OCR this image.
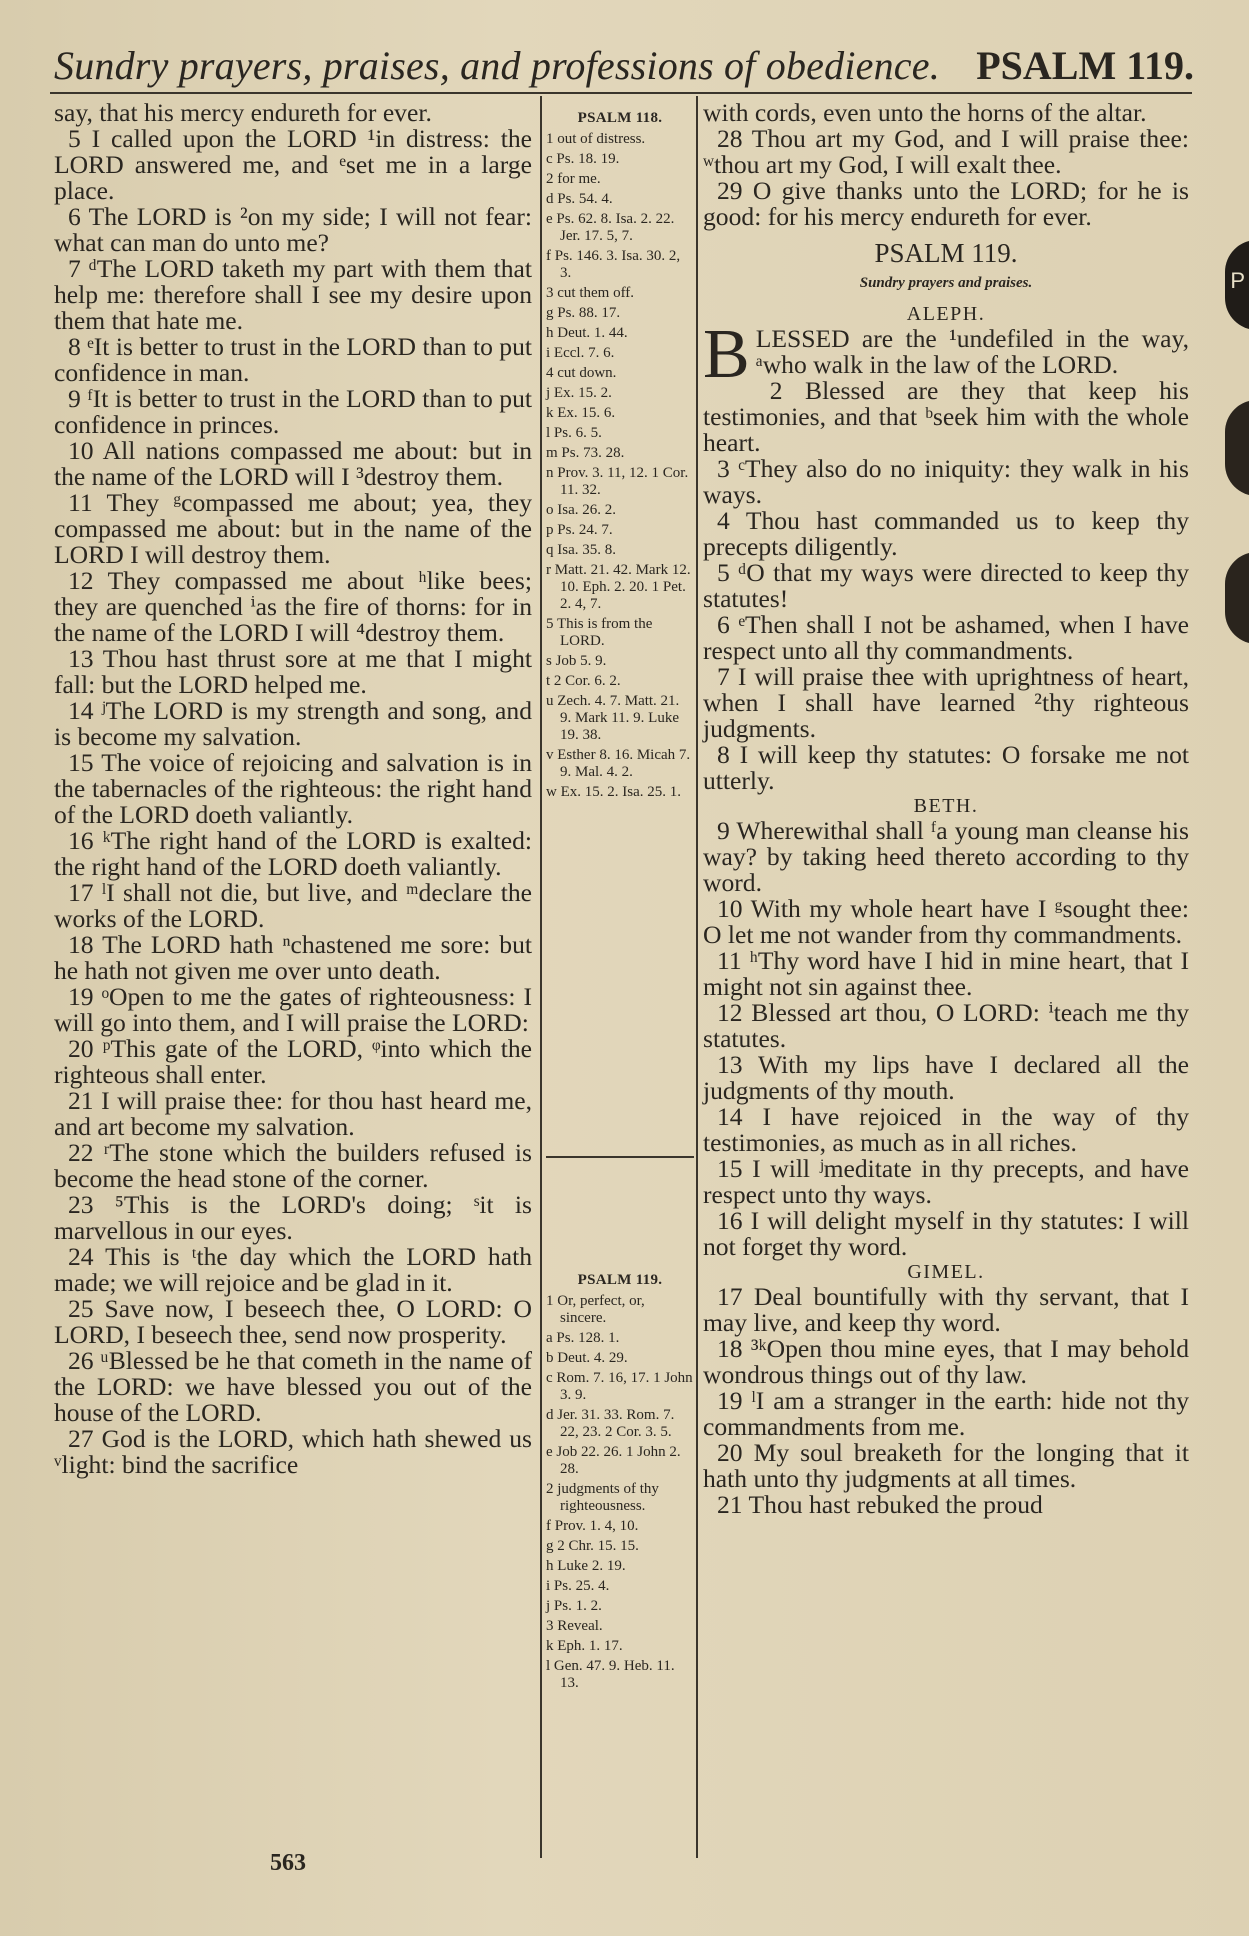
Sundry prayers, praises, and professions of obedience. PSALM 119.

say, that his mercy endureth for ever.

5 I called upon the LORD ¹in distress: the LORD answered me, and ᵉset me in a large place.

6 The LORD is ²on my side; I will not fear: what can man do unto me?

7 ᵈThe LORD taketh my part with them that help me: therefore shall I see my desire upon them that hate me.

8 ᵉIt is better to trust in the LORD than to put confidence in man.

9 ᶠIt is better to trust in the LORD than to put confidence in princes.

10 All nations compassed me about: but in the name of the LORD will I ³destroy them.

11 They ᵍcompassed me about; yea, they compassed me about: but in the name of the LORD I will destroy them.

12 They compassed me about ʰlike bees; they are quenched ⁱas the fire of thorns: for in the name of the LORD I will ⁴destroy them.

13 Thou hast thrust sore at me that I might fall: but the LORD helped me.

14 ʲThe LORD is my strength and song, and is become my salvation.

15 The voice of rejoicing and salvation is in the tabernacles of the righteous: the right hand of the LORD doeth valiantly.

16 ᵏThe right hand of the LORD is exalted: the right hand of the LORD doeth valiantly.

17 ˡI shall not die, but live, and ᵐdeclare the works of the LORD.

18 The LORD hath ⁿchastened me sore: but he hath not given me over unto death.

19 ᵒOpen to me the gates of righteousness: I will go into them, and I will praise the LORD:

20 ᵖThis gate of the LORD, ᵠinto which the righteous shall enter.

21 I will praise thee: for thou hast heard me, and art become my salvation.

22 ʳThe stone which the builders refused is become the head stone of the corner.

23 ⁵This is the LORD's doing; ˢit is marvellous in our eyes.

24 This is ᵗthe day which the LORD hath made; we will rejoice and be glad in it.

25 Save now, I beseech thee, O LORD: O LORD, I beseech thee, send now prosperity.

26 ᵘBlessed be he that cometh in the name of the LORD: we have blessed you out of the house of the LORD.

27 God is the LORD, which hath shewed us ᵛlight: bind the sacrifice

PSALM 118.
1 out of distress.
c Ps. 18. 19.
2 for me.
d Ps. 54. 4.
e Ps. 62. 8. Isa. 2. 22. Jer. 17. 5, 7.
f Ps. 146. 3. Isa. 30. 2, 3.
3 cut them off.
g Ps. 88. 17.
h Deut. 1. 44.
i Eccl. 7. 6.
4 cut down.
j Ex. 15. 2.
k Ex. 15. 6.
l Ps. 6. 5.
m Ps. 73. 28.
n Prov. 3. 11, 12. 1 Cor. 11. 32.
o Isa. 26. 2.
p Ps. 24. 7.
q Isa. 35. 8.
r Matt. 21. 42. Mark 12. 10. Eph. 2. 20. 1 Pet. 2. 4, 7.
5 This is from the LORD.
s Job 5. 9.
t 2 Cor. 6. 2.
u Zech. 4. 7. Matt. 21. 9. Mark 11. 9. Luke 19. 38.
v Esther 8. 16. Micah 7. 9. Mal. 4. 2.
w Ex. 15. 2. Isa. 25. 1.
PSALM 119.
1 Or, perfect, or, sincere.
a Ps. 128. 1.
b Deut. 4. 29.
c Rom. 7. 16, 17. 1 John 3. 9.
d Jer. 31. 33. Rom. 7. 22, 23. 2 Cor. 3. 5.
e Job 22. 26. 1 John 2. 28.
2 judgments of thy righteousness.
f Prov. 1. 4, 10.
g 2 Chr. 15. 15.
h Luke 2. 19.
i Ps. 25. 4.
j Ps. 1. 2.
3 Reveal.
k Eph. 1. 17.
l Gen. 47. 9. Heb. 11. 13.

with cords, even unto the horns of the altar.

28 Thou art my God, and I will praise thee: ʷthou art my God, I will exalt thee.

29 O give thanks unto the LORD; for he is good: for his mercy endureth for ever.

PSALM 119.
Sundry prayers and praises.
ALEPH.

BLESSED are the ¹undefiled in the way, ᵃwho walk in the law of the LORD.

2 Blessed are they that keep his testimonies, and that ᵇseek him with the whole heart.

3 ᶜThey also do no iniquity: they walk in his ways.

4 Thou hast commanded us to keep thy precepts diligently.

5 ᵈO that my ways were directed to keep thy statutes!

6 ᵉThen shall I not be ashamed, when I have respect unto all thy commandments.

7 I will praise thee with uprightness of heart, when I shall have learned ²thy righteous judgments.

8 I will keep thy statutes: O forsake me not utterly.

BETH.

9 Wherewithal shall ᶠa young man cleanse his way? by taking heed thereto according to thy word.

10 With my whole heart have I ᵍsought thee: O let me not wander from thy commandments.

11 ʰThy word have I hid in mine heart, that I might not sin against thee.

12 Blessed art thou, O LORD: ⁱteach me thy statutes.

13 With my lips have I declared all the judgments of thy mouth.

14 I have rejoiced in the way of thy testimonies, as much as in all riches.

15 I will ʲmeditate in thy precepts, and have respect unto thy ways.

16 I will delight myself in thy statutes: I will not forget thy word.

GIMEL.

17 Deal bountifully with thy servant, that I may live, and keep thy word.

18 ³ᵏOpen thou mine eyes, that I may behold wondrous things out of thy law.

19 ˡI am a stranger in the earth: hide not thy commandments from me.

20 My soul breaketh for the longing that it hath unto thy judgments at all times.

21 Thou hast rebuked the proud

563
P
